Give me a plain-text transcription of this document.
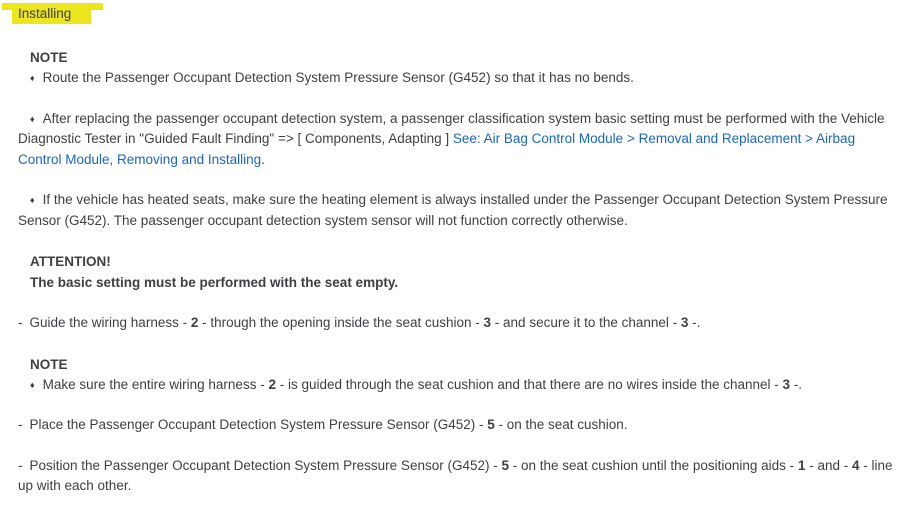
Installing
NOTE

♦ Route the Passenger Occupant Detection System Pressure Sensor (G452) so that it has no bends.

♦ After replacing the passenger occupant detection system, a passenger classification system basic setting must be performed with the Vehicle Diagnostic Tester in "Guided Fault Finding" => [ Components, Adapting ] See: Air Bag Control Module > Removal and Replacement > Airbag Control Module, Removing and Installing.

♦ If the vehicle has heated seats, make sure the heating element is always installed under the Passenger Occupant Detection System Pressure Sensor (G452). The passenger occupant detection system sensor will not function correctly otherwise.

ATTENTION!
The basic setting must be performed with the seat empty.

- Guide the wiring harness - 2 - through the opening inside the seat cushion - 3 - and secure it to the channel - 3 -.

NOTE

♦ Make sure the entire wiring harness - 2 - is guided through the seat cushion and that there are no wires inside the channel - 3 -.

- Place the Passenger Occupant Detection System Pressure Sensor (G452) - 5 - on the seat cushion.

- Position the Passenger Occupant Detection System Pressure Sensor (G452) - 5 - on the seat cushion until the positioning aids - 1 - and - 4 - line up with each other.
